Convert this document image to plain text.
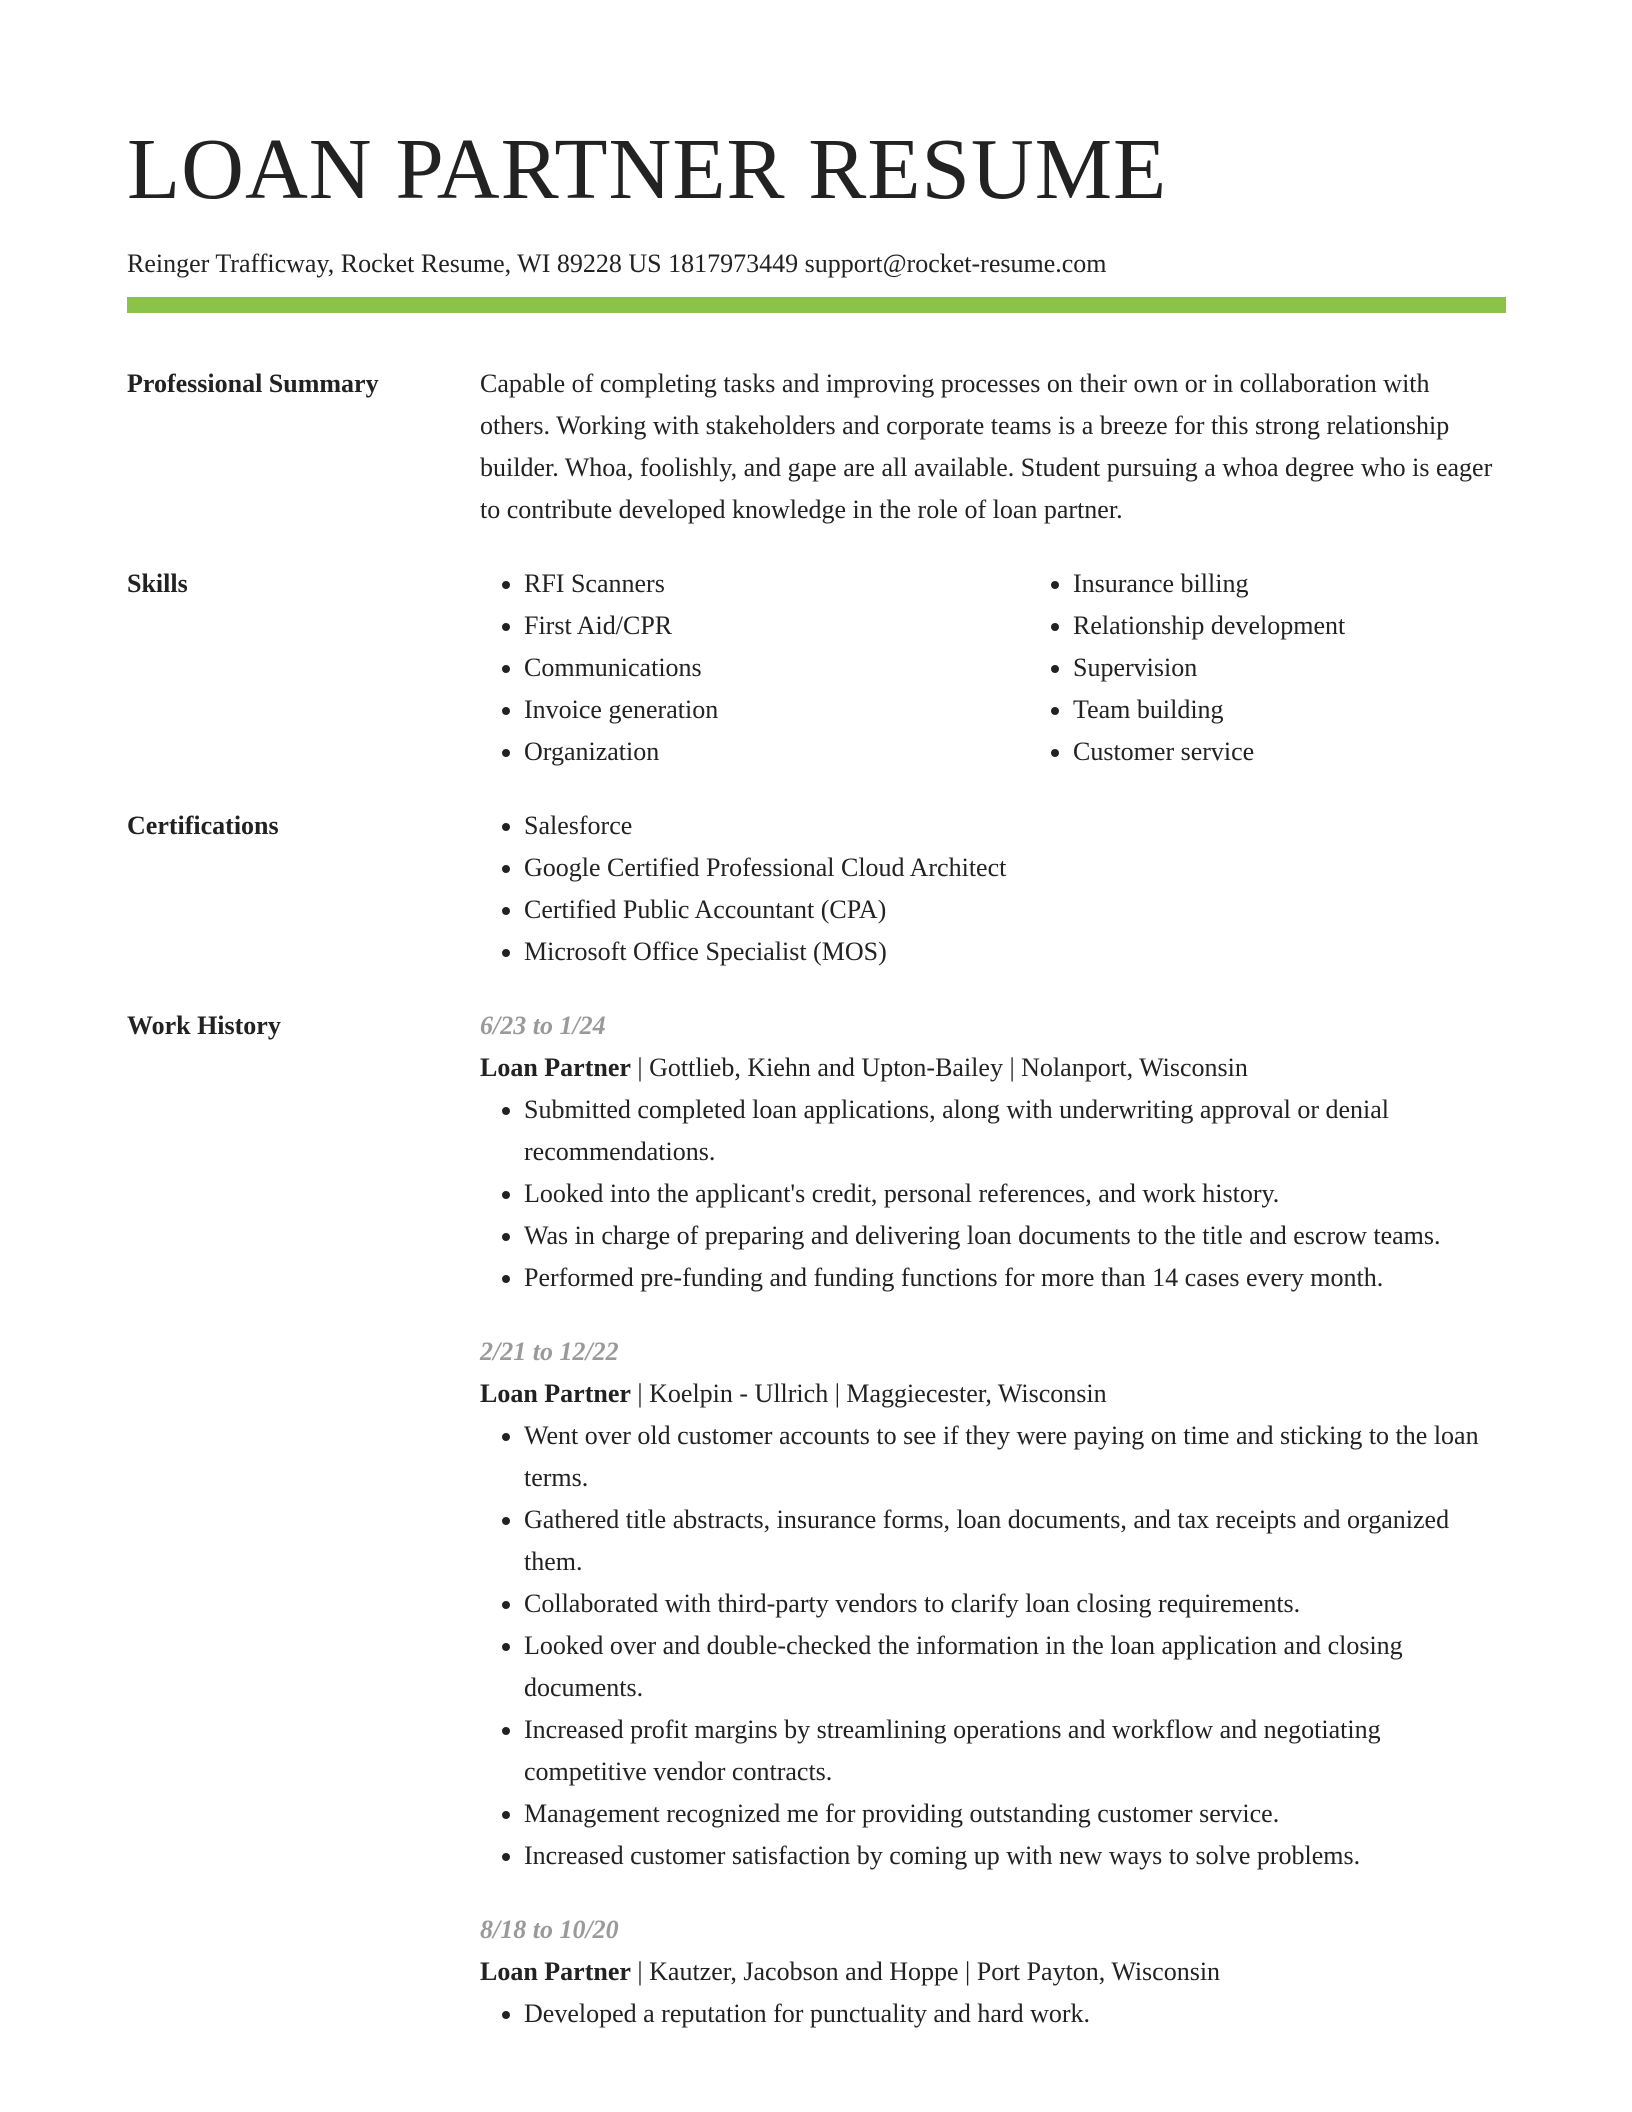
LOAN PARTNER RESUME
Reinger Trafficway, Rocket Resume, WI 89228 US 1817973449 support@rocket-resume.com
Professional Summary	Capable of completing tasks and improving processes on their own or in collaboration with others. Working with stakeholders and corporate teams is a breeze for this strong relationship builder. Whoa, foolishly, and gape are all available. Student pursuing a whoa degree who is eager to contribute developed knowledge in the role of loan partner.

Skills	• RFI Scanners
• First Aid/CPR
• Communications
• Invoice generation
• Organization
• Insurance billing
• Relationship development
• Supervision
• Team building
• Customer service
Certifications	• Salesforce
• Google Certified Professional Cloud Architect
• Certified Public Accountant (CPA)
• Microsoft Office Specialist (MOS)
Work History	6/23 to 1/24
Loan Partner | Gottlieb, Kiehn and Upton-Bailey | Nolanport, Wisconsin
• Submitted completed loan applications, along with underwriting approval or denial recommendations.
• Looked into the applicant's credit, personal references, and work history.
• Was in charge of preparing and delivering loan documents to the title and escrow teams.
• Performed pre-funding and funding functions for more than 14 cases every month.
2/21 to 12/22
Loan Partner | Koelpin - Ullrich | Maggiecester, Wisconsin
• Went over old customer accounts to see if they were paying on time and sticking to the loan terms.
• Gathered title abstracts, insurance forms, loan documents, and tax receipts and organized them.
• Collaborated with third-party vendors to clarify loan closing requirements.
• Looked over and double-checked the information in the loan application and closing documents.
• Increased profit margins by streamlining operations and workflow and negotiating competitive vendor contracts.
• Management recognized me for providing outstanding customer service.
• Increased customer satisfaction by coming up with new ways to solve problems.
8/18 to 10/20
Loan Partner | Kautzer, Jacobson and Hoppe | Port Payton, Wisconsin
• Developed a reputation for punctuality and hard work.
